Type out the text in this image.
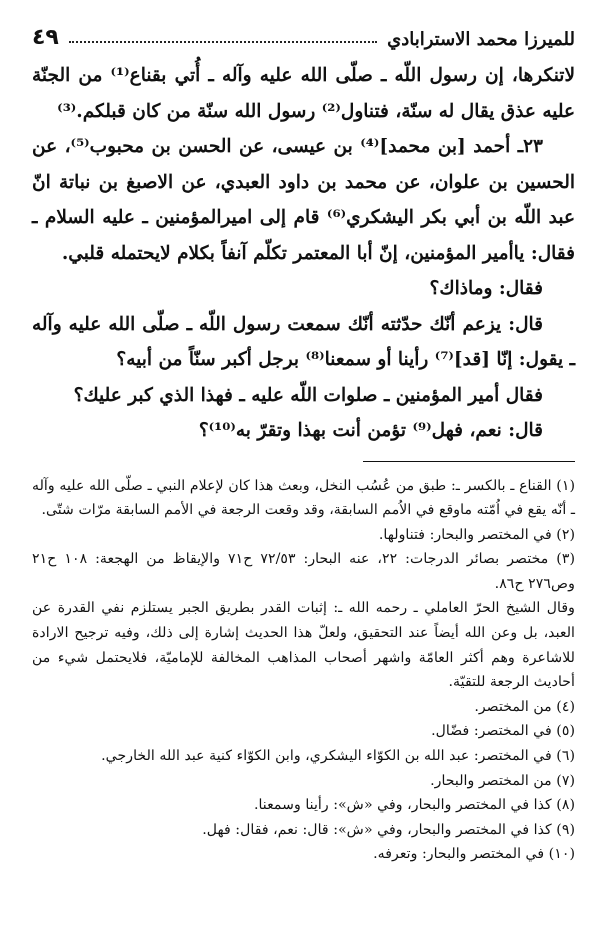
للميرزا محمد الاسترابادي
٤٩

لاتنكرها، إن رسول اللّه ـ صلّى الله عليه وآله ـ أُتي بقناع⁽¹⁾ من الجنّة عليه عذق يقال له سنّة، فتناول⁽²⁾ رسول الله سنّة من كان قبلكم.⁽³⁾

٢٣ـ أحمد [بن محمد]⁽⁴⁾ بن عيسى، عن الحسن بن محبوب⁽⁵⁾، عن الحسين بن علوان، عن محمد بن داود العبدي، عن الاصبغ بن نباتة انّ عبد اللّه بن أبي بكر اليشكري⁽⁶⁾ قام إلى اميرالمؤمنين ـ عليه السلام ـ فقال: ياأمير المؤمنين، إنّ أبا المعتمر تكلّم آنفاً بكلام لايحتمله قلبي.

فقال: وماذاك؟

قال: يزعم أنّك حدّثته أنّك سمعت رسول اللّه ـ صلّى الله عليه وآله ـ يقول: إنّا [قد]⁽⁷⁾ رأينا أو سمعنا⁽⁸⁾ برجل أكبر سنّاً من أبيه؟

فقال أمير المؤمنين ـ صلوات اللّه عليه ـ فهذا الذي كبر عليك؟

قال: نعم، فهل⁽⁹⁾ تؤمن أنت بهذا وتقرّ به⁽¹⁰⁾؟

(١) القناع ـ بالكسر ـ: طبق من عُسُب النخل، وبعث هذا كان لإعلام النبي ـ صلّى الله عليه وآله ـ أنّه يقع في اُمّته ماوقع في الاُمم السابقة، وقد وقعت الرجعة في الأمم السابقة مرّات شتّى.

(٢) في المختصر والبحار: فتناولها.

(٣) مختصر بصائر الدرجات: ٢٢، عنه البحار: ٧٢/٥٣ ح٧١ والإيقاظ من الهجعة: ١٠٨ ح٢١ وص٢٧٦ ح٨٦.

وقال الشيخ الحرّ العاملي ـ رحمه الله ـ: إثبات القدر بطريق الجبر يستلزم نفي القدرة عن العبد، بل وعن الله أيضاً عند التحقيق، ولعلّ هذا الحديث إشارة إلى ذلك، وفيه ترجيح الارادة للاشاعرة وهم أكثر العامّة واشهر أصحاب المذاهب المخالفة للإماميّة، فلايحتمل شيء من أحاديث الرجعة للتقيّة.

(٤) من المختصر.

(٥) في المختصر: فضّال.

(٦) في المختصر: عبد الله بن الكوّاء اليشكري، وابن الكوّاء كنية عبد الله الخارجي.

(٧) من المختصر والبحار.

(٨) كذا في المختصر والبحار، وفي «ش»: رأينا وسمعنا.

(٩) كذا في المختصر والبحار، وفي «ش»: قال: نعم، فقال: فهل.

(١٠) في المختصر والبحار: وتعرفه.
